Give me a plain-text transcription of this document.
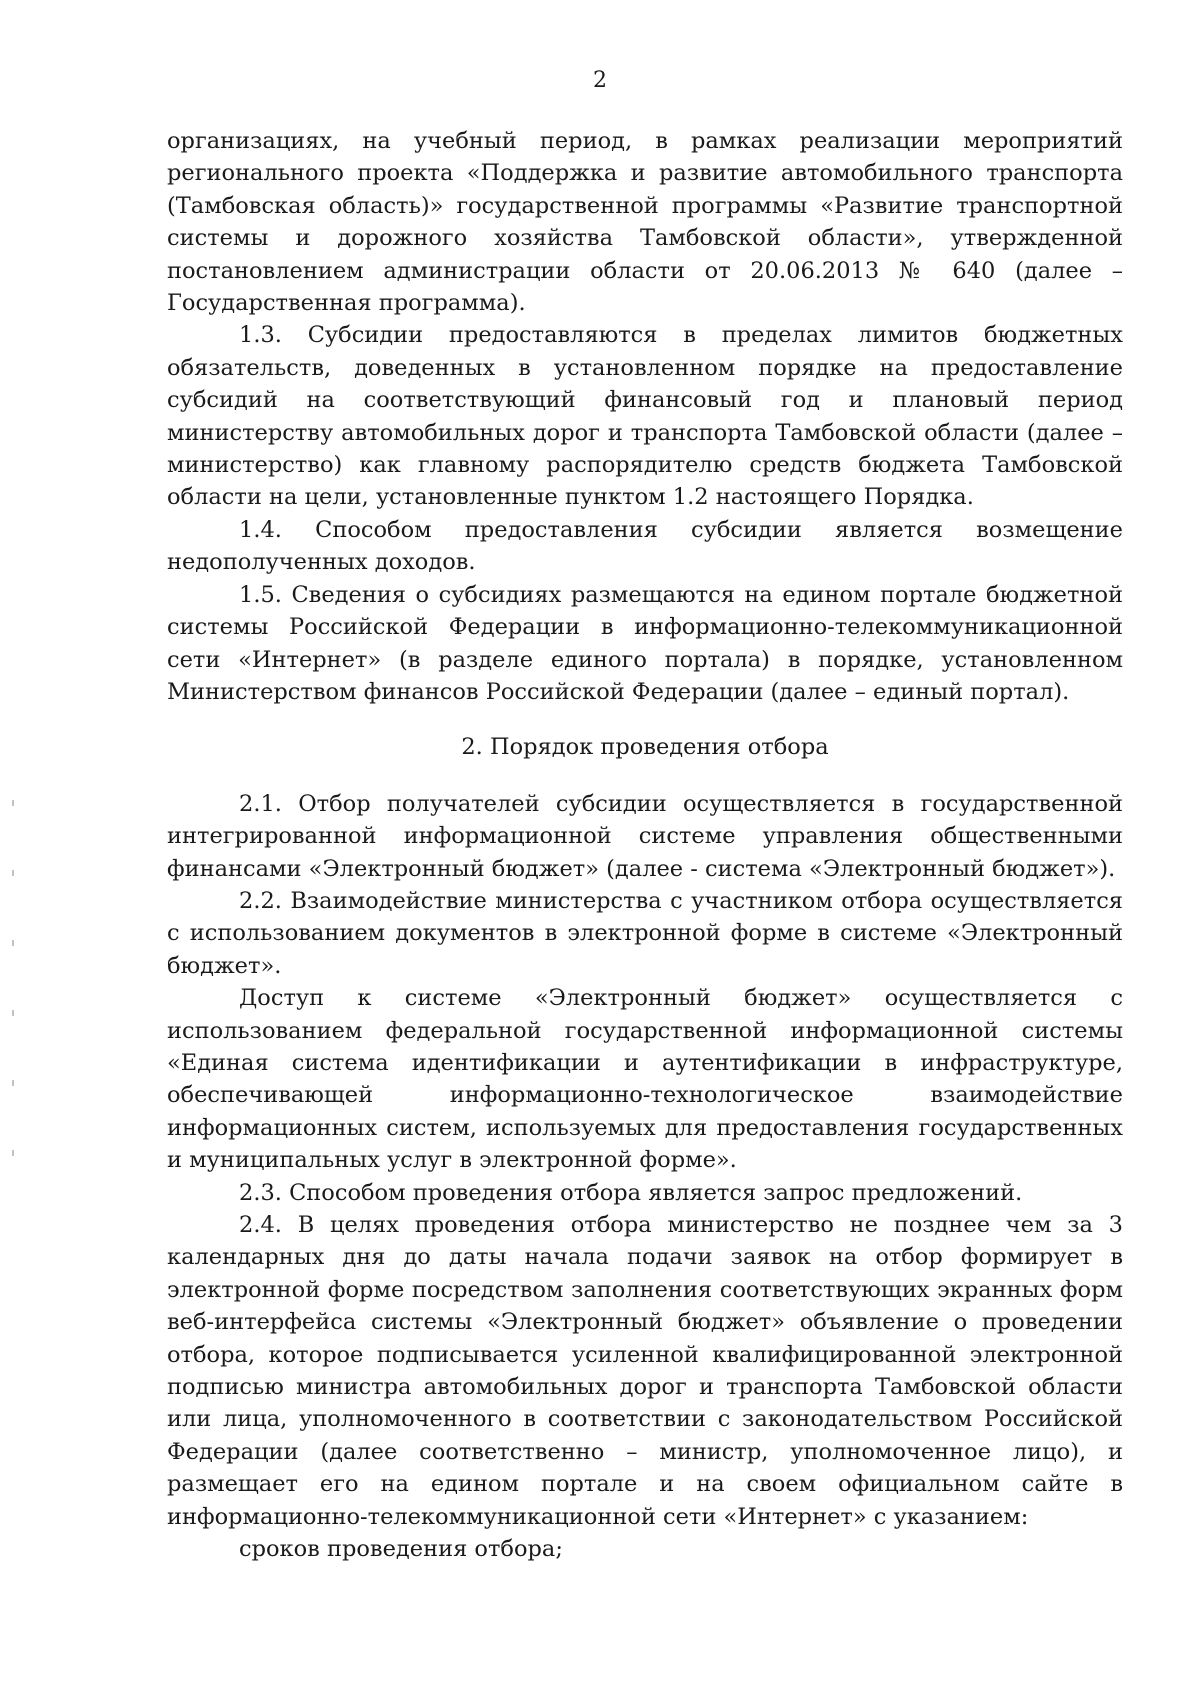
2

организациях, на учебный период, в рамках реализации мероприятий регионального проекта «Поддержка и развитие автомобильного транспорта (Тамбовская область)» государственной программы «Развитие транспортной системы и дорожного хозяйства Тамбовской области», утвержденной постановлением администрации области от 20.06.2013 № 640 (далее – Государственная программа).

1.3. Субсидии предоставляются в пределах лимитов бюджетных обязательств, доведенных в установленном порядке на предоставление субсидий на соответствующий финансовый год и плановый период министерству автомобильных дорог и транспорта Тамбовской области (далее – министерство) как главному распорядителю средств бюджета Тамбовской области на цели, установленные пунктом 1.2 настоящего Порядка.

1.4. Способом предоставления субсидии является возмещение недополученных доходов.

1.5. Сведения о субсидиях размещаются на едином портале бюджетной системы Российской Федерации в информационно-телекоммуникационной сети «Интернет» (в разделе единого портала) в порядке, установленном Министерством финансов Российской Федерации (далее – единый портал).

2. Порядок проведения отбора

2.1. Отбор получателей субсидии осуществляется в государственной интегрированной информационной системе управления общественными финансами «Электронный бюджет» (далее - система «Электронный бюджет»).

2.2. Взаимодействие министерства с участником отбора осуществляется с использованием документов в электронной форме в системе «Электронный бюджет».

Доступ к системе «Электронный бюджет» осуществляется с использованием федеральной государственной информационной системы «Единая система идентификации и аутентификации в инфраструктуре, обеспечивающей информационно-технологическое взаимодействие информационных систем, используемых для предоставления государственных и муниципальных услуг в электронной форме».

2.3. Способом проведения отбора является запрос предложений.

2.4. В целях проведения отбора министерство не позднее чем за 3 календарных дня до даты начала подачи заявок на отбор формирует в электронной форме посредством заполнения соответствующих экранных форм веб-интерфейса системы «Электронный бюджет» объявление о проведении отбора, которое подписывается усиленной квалифицированной электронной подписью министра автомобильных дорог и транспорта Тамбовской области или лица, уполномоченного в соответствии с законодательством Российской Федерации (далее соответственно – министр, уполномоченное лицо), и размещает его на едином портале и на своем официальном сайте в информационно-телекоммуникационной сети «Интернет» с указанием:

сроков проведения отбора;
